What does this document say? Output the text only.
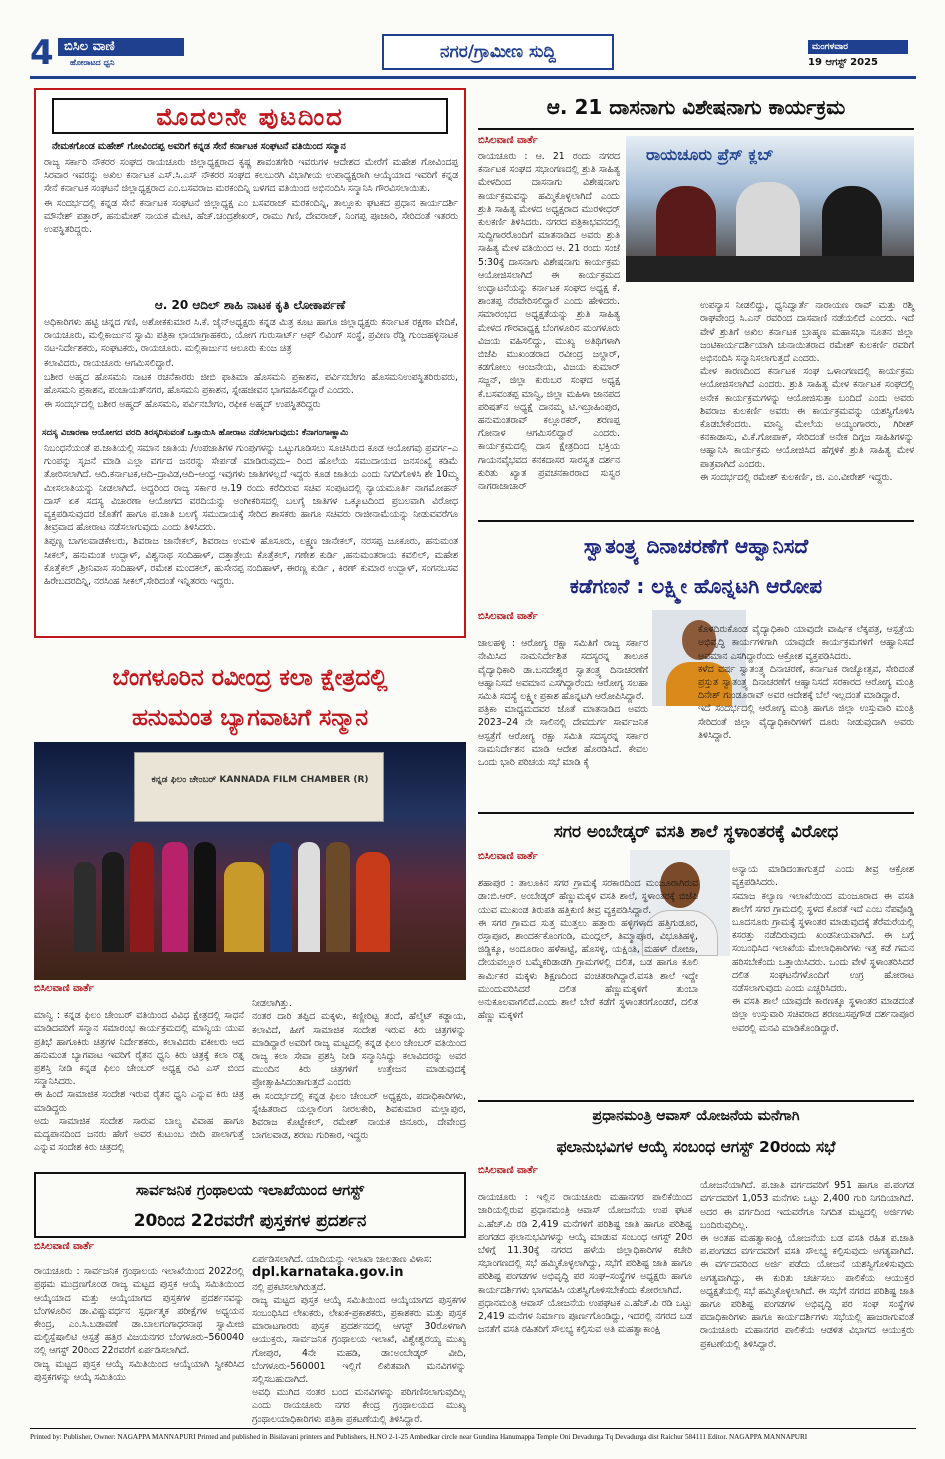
4 ಬಿಸಿಲ ವಾಣಿ
ಹೋರಾಟದ ಧ್ವನಿ
ನಗರ/ಗ್ರಾಮೀಣ ಸುದ್ದಿ	ಮಂಗಳವಾರ
19 ಆಗಸ್ಟ್ 2025
ಮೊದಲನೇ ಪುಟದಿಂದ
ನೇಮಕಗೊಂಡ ಮಹೇಶ್ ಗೋವಿಂದಪ್ಪ ಅವರಿಗೆ ಕನ್ನಡ ಸೇನೆ ಕರ್ನಾಟಕ ಸಂಘಟನೆ ವತಿಯಿಂದ ಸನ್ಮಾನ

ರಾಜ್ಯ ಸರ್ಕಾರಿ ನೌಕರರ ಸಂಘದ ರಾಯಚೂರು ಜಿಲ್ಲಾಧ್ಯಕ್ಷರಾದ ಕೃಷ್ಣ ಶಾವಂತಗೇರಿ ಇವರುಗಳ ಆದೇಶದ ಮೇರೆಗೆ ಮಹೇಶ ಗೋವಿಂದಪ್ಪ ಸಿರವಾರ ಇವರನ್ನು ಅಖಿಲ ಕರ್ನಾಟಕ ಎಸ್.ಸಿ.ಎಸ್ ನೌಕರರ ಸಂಘದ ಕಲಬುರಗಿ ವಿಭಾಗೀಯ ಉಪಾಧ್ಯಕ್ಷರಾಗಿ ಆಯ್ಕೆಯಾದ ಇವರಿಗೆ ಕನ್ನಡ ಸೇನೆ ಕರ್ನಾಟಕ ಸಂಘಟನೆ ಜಿಲ್ಲಾಧ್ಯಕ್ಷರಾದ ಎಂ.ಬಸವರಾಜ ಮರಕಂದಿನ್ನಿ ಬಳಗದ ವತಿಯಿಂದ ಅಭಿನಂದಿಸಿ ಸನ್ಮಾನಿಸಿ ಗೌರವಿಸಲಾಯಿತು.

ಈ ಸಂದರ್ಭದಲ್ಲಿ ಕನ್ನಡ ಸೇನೆ ಕರ್ನಾಟಕ ಸಂಘಟನೆ ಜಿಲ್ಲಾಧ್ಯಕ್ಷ ಎಂ ಬಸವರಾಜ್ ಮರಕಂದಿನ್ನಿ, ತಾಲ್ಲೂಕು ಘಟಕದ ಪ್ರಧಾನ ಕಾರ್ಯದರ್ಶಿ ಮೌನೇಶ್ ಪತ್ತಾರ್, ಹನುಮೇಶ್ ನಾಯಕ ಮೇಟಿ, ಹೆಚ್.ಚಂದ್ರಶೇಖರ್, ರಾಮು ಗಿಣಿ, ದೇವರಾಜ್, ನಿಂಗಪ್ಪ ಪೂಜಾರಿ, ಸೇರಿದಂತೆ ಇತರರು ಉಪಸ್ಥಿತರಿದ್ದರು.

ಆ. 20 ಆದಿಲ್ ಶಾಹಿ ನಾಟಕ ಕೃತಿ ಲೋಕಾರ್ಪಣೆ

ಅಧಿಕಾರಿಗಳು ಹಟ್ಟಿ ಚಿನ್ನದ ಗಣಿ, ಅಶೋಕಕುಮಾರ ಸಿ.ಕೆ. ಜೈನ್‌ಅಧ್ಯಕ್ಷರು ಕನ್ನಡ ಮಿತ್ರ ಕೂಟ ಹಾಗೂ ಜಿಲ್ಲಾಧ್ಯಕ್ಷರು ಕರ್ನಾಟಕ ರಕ್ಷಣಾ ವೇದಿಕೆ, ರಾಯಚೂರು, ಮಲ್ಲಿಕಾರ್ಜುನ ಸ್ವಾಮಿ ಪತ್ರಿಕಾ ಛಾಯಾಗ್ರಾಹಕರು, ಯೋಗ ಗುರುಸಾರ್ಟ್ ಆಫ್ ಲಿವಿಂಗ್ ಸಂಸ್ಥೆ, ಪ್ರವೀಣ ರೆಡ್ಡಿ ಗುಂಜಹಳ್ಳಿನಾಟಕ ನಟ-ನಿರ್ದೇಶಕರು, ಸಂಘಟಕರು, ರಾಯಚೂರು. ಮಲ್ಲಿಕಾರ್ಜುನ ಆಲೂರು ಕುಂಜ ಚಿತ್ರ

ಕಲಾವಿದರು, ರಾಯಚೂರು ಆಗಮಿಸಲಿದ್ದಾರೆ.

ಬಶೀರ ಅಹ್ಮದ ಹೊಸಮನಿ ನಾಟಕ ರಚನೆಕಾರರು ಜೀಬಿ ಫಾತಿಮಾ ಹೊಸಮನಿ ಪ್ರಕಾಶನ, ಪರ್ವಿನಬೇಗಂ ಹೊಸಮನಿಉಪಸ್ಥಿತರಿರುವರು, ಹೊಸಮನಿ ಪ್ರಕಾಶನ, ಪಂಚಾಯತ್‌ನಗರ, ಹೊಸಮನಿ ಪ್ರಕಾಶನ, ಸ್ನೇಹಜೀವನ ಭಾಗವಹಿಸಲಿದ್ದಾರೆ ಎಂದರು.

ಈ ಸಂದರ್ಭದಲ್ಲಿ ಬಶೀರ ಅಹ್ಮದ್ ಹೊಸಮನಿ, ಪರ್ವಿನಬೇಗಂ, ರಫೀಕ ಅಹ್ಮದ್ ಉಪಸ್ಥಿತರಿದ್ದರು

ಸದಸ್ಯ ವಿಚಾರಣಾ ಆಯೋಗದ ವರದಿ ತಿರಸ್ಕರಿಸುವಂತೆ ಒತ್ತಾಯಿಸಿ ಹೋರಾಟ ನಡೆಸಲಾಗುವುದು: ಕೆನಾಗಂಗಾಣ್ಣಾಮಿ

ನಿಬಂಧನೆಯಂತೆ ಪ.ಜಾತಿಯಲ್ಲಿ ಸಮಾನ ಜಾತಿಯ /ಉಪಜಾತಿಗಳ ಗುಂಪುಗಳನ್ನು ಒಟ್ಟುಗೂಡಿಸಲು ಸೂಚಿಸಿರುದ ಕೂಡ ಆಯೋಗವು ಪ್ರವರ್ಗ–ಎ ಗುಂಪನ್ನು ಸೃಜನೆ ಮಾಡಿ ಎಲ್ಲಾ ವರ್ಗದ ಜನರನ್ನು ಸೇರ್ಪಡೆ ಮಾಡಿರುವುದು– ರಿಂದ ಹೊಲೆಯ ಸಮುದಾಯದ ಜನಸಂಖ್ಯೆ ಕಡಿಮೆ ತೋರಿಸಲಾಗಿದೆ. ಆದಿ.ಕರ್ನಾಟಕ,ಆದಿ–ದ್ರಾವಿಡ,ಆದಿ–ಆಂಧ್ರ ಇವುಗಳು ಜಾತಿಗಳಲ್ಲದೆ ಇದ್ದರು ಕೂಡ ಜಾತಿಯ ಎಂದು ನಿಗದಿಗೊಳಿಸಿ ಶೇ 10ಮ್ಮ ಮೀಸಲಾತಿಯನ್ನು ನೀಡಲಾಗಿದೆ. ಅದ್ದರಿಂದ ರಾಜ್ಯ ಸರ್ಕಾರ ಆ.19 ರಂದು ಕರೆದಿರುವ ಸಚಿವ ಸಂಪುಟದಲ್ಲಿ ನ್ಯಾಯಮೂರ್ತಿ ನಾಗಮೋಹನ್ ದಾಸ್ ಏಕ ಸದಸ್ಯ ವಿಚಾರಣಾ ಆಯೋಗದ ವರದಿಯನ್ನು ಅಂಗೀಕರಿಸದಲ್ಲಿ ಬಲಗೈ ಜಾತಿಗಳ ಒಕ್ಕೂಟದಿಂದ ಪ್ರಬಲವಾಗಿ ವಿರೋಧ ವ್ಯಕ್ತಪಡಿಸುವುದರ ಜೊತೆಗೆ ಹಾಗೂ ಪ.ಜಾತಿ ಬಲಗೈ ಸಮುದಾಯಕ್ಕೆ ಸೇರಿದ ಶಾಸಕರು ಹಾಗೂ ಸಚಿವರು ರಾಜೀನಾಮೆಯನ್ನು ನೀಡುವವರೆಗೂ ತೀವ್ರವಾದ ಹೋರಾಟ ನಡೆಸಲಾಗುವುದು ಎಂದು ತಿಳಿಸಿದರು.

ತಿಪ್ಪಣ್ಣ ಬಾಗಲವಾಡಕೇಲರು, ಶಿವರಾಜ ಜಾನೇಕಲ್, ಶಿವರಾಜ ಉಮಳಿ ಹೊಸೂರು, ಲಕ್ಷ್ಮಣ ಜಾನೇಕಲ್, ನರಸಪ್ಪ ಜೂಕೂರು, ಹನುಮಂತ ಸೀಕಲ್, ಹನುಮಂತ ಉದ್ಬಾಳ್, ವಿಶ್ವನಾಥ ಸಂದಿಹಾಳ್, ದತ್ತಾತ್ರೇಯ ಕೊತ್ತೆಕಲ್, ಗಣೇಶ ಕುರ್ಡಿ ,ಹನುಮಂತರಾಯ ಕವಲಿಲ್, ಮಹೇಶ ಕೊತ್ತೆಕಲ್ ,ಶ್ರೀನಿವಾಸ ಸಂದಿಹಾಳ್, ರಮೇಶ ಮಂದಕಲ್, ಹುಸೇನಪ್ಪ ನಂದಿಹಾಳ್, ಈರಣ್ಣ ಕುರ್ಡಿ , ಕಿರಣ್ ಕುಮಾರ ಉದ್ಬಾಳ್, ಸಂಗನಬಸವ ಹಿರೇಬದರದಿನ್ನಿ, ನರಸಿಂಹ ಸೀಕಲ್,ಸೇರಿದಂತೆ ಇನ್ನಿತರರು ಇದ್ದರು.

ಬೆಂಗಳೂರಿನ ರವೀಂದ್ರ ಕಲಾ ಕ್ಷೇತ್ರದಲ್ಲಿ
ಹನುಮಂತ ಬ್ಯಾಗವಾಟಗೆ ಸನ್ಮಾನ
ಕನ್ನಡ ಫಿಲಂ ಚೇಂಬರ್ KANNADA FILM CHAMBER (R)
ಬಿಸಿಲವಾಣಿ ವಾರ್ತೆ

ಮಾನ್ವಿ : ಕನ್ನಡ ಫಿಲಂ ಚೇಂಬರ್ ವತಿಯಿಂದ ವಿವಿಧ ಕ್ಷೇತ್ರದಲ್ಲಿ ಸಾಧನೆ ಮಾಡಿದವರಿಗೆ ಸನ್ಮಾನ ಸಮಾರಂಭ ಕಾರ್ಯಕ್ರಮದಲ್ಲಿ ಮಾನ್ವಿಯ ಯುವ ಪ್ರತಿಭೆ ಹಾಗೂಕಿರು ಚಿತ್ರಗಳ ನಿರ್ದೇಶಕರು, ಕಲಾವಿದರು ವಕೀಲರು ಆದ ಹನುಮಂತ ಬ್ಯಾಗವಾಟ ಇವರಿಗೆ ರೈತನ ಧ್ವನಿ ಕಿರು ಚಿತ್ರಕ್ಕೆ ಕಲಾ ರತ್ನ ಪ್ರಶಸ್ತಿ ನೀಡಿ ಕನ್ನಡ ಫಿಲಂ ಚೇಂಬರ್ ಅಧ್ಯಕ್ಷ ರವಿ ಎಸ್ ಬಿಂದ ಸನ್ಮಾನಿಸಿದರು.
ಈ ಹಿಂದೆ ಸಾಮಾಜಿಕ ಸಂದೇಶ ಇರುವ ರೈತನ ಧ್ವನಿ ಎನ್ನುವ ಕಿರು ಚಿತ್ರ ಮಾಡಿದ್ದರು
ಅದು ಸಾಮಾಜಿಕ ಸಂದೇಶ ಸಾರುವ ಬಾಲ್ಯ ವಿವಾಹ ಹಾಗೂ ಮದ್ಯಪಾನದಿಂದ ಜನರು ಹೇಗೆ ಅವರ ಕುಟುಂಬ ಬೀದಿ ಪಾಲಾಗುತ್ತೆ ಎನ್ನುವ ಸಂದೇಶ ಕಿರು ಚಿತ್ರದಲ್ಲಿ

ನೀಡಲಾಗಿತ್ತು.
ನಂತರ ದಾರಿ ತಪ್ಪಿದ ಮಕ್ಕಳು, ಕಣ್ಣೀರಿಟ್ಟ ತಂದೆ, ಹೆಲ್ಮೆಟ್ ಕಡ್ಡಾಯ, ಕಲಾವಿದೆ, ಹೀಗೆ ಸಾಮಾಜಿಕ ಸಂದೇಶ ಇರುವ ಕಿರು ಚಿತ್ರಗಳನ್ನು ಮಾಡಿದ್ದಾರೆ ಅವರಿಗೆ ರಾಜ್ಯ ಮಟ್ಟದಲ್ಲಿ ಕನ್ನಡ ಫಿಲಂ ಚೇಂಬರ್ ವತಿಯಿಂದ ರಾಜ್ಯ ಕಲಾ ಸೇವಾ ಪ್ರಶಸ್ತಿ ನೀಡಿ ಸನ್ಮಾನಿಸಿದ್ದು ಕಲಾವಿದರನ್ನು ಅವರ ಮುಂದಿನ ಕಿರು ಚಿತ್ರಗಳಿಗೆ ಉತ್ತೇಜನ ಮಾಡುವುದಕ್ಕೆ ಪ್ರೋತ್ಸಾಹಿಸಿದಂತಾಗುತ್ತದೆ ಎಂದರು
ಈ ಸಂದರ್ಭದಲ್ಲಿ ಕನ್ನಡ ಫಿಲಂ ಚೇಂಬರ್ ಅಧ್ಯಕ್ಷರು, ಪದಾಧಿಕಾರಿಗಳು, ಸ್ನೇಹಿತರಾದ ಯಲ್ಲಾಲಿಂಗ ನೀರಲಕೇರಿ, ಶಿವಕುಮಾರ ಮಲ್ಲಾಪುರ, ಶಿವರಾಜ ಕೊಟ್ಟೇಕಲ್, ರಮೇಶ್ ನಾಯಕ ಜಿನೂರು, ದೇವೇಂದ್ರ ಬಾಗಲವಾಡ, ಶರಣು ಗುರಿಕಾರ, ಇದ್ದರು

ಸಾರ್ವಜನಿಕ ಗ್ರಂಥಾಲಯ ಇಲಾಖೆಯಿಂದ ಆಗಸ್ಟ್
20ರಿಂದ 22ರವರೆಗೆ ಪುಸ್ತಕಗಳ ಪ್ರದರ್ಶನ
ಬಿಸಿಲವಾಣಿ ವಾರ್ತೆ

ರಾಯಚೂರು : ಸಾರ್ವಜನಿಕ ಗ್ರಂಥಾಲಯ ಇಲಾಖೆಯಿಂದ 2022ರಲ್ಲಿ ಪ್ರಥಮ ಮುದ್ರಣಗೊಂಡ ರಾಜ್ಯ ಮಟ್ಟದ ಪುಸ್ತಕ ಆಯ್ಕೆ ಸಮಿತಿಯಿಂದ ಆಯ್ಕೆಯಾದ ಮತ್ತು ಆಯ್ಕೆಯಾಗದ ಪುಸ್ತಕಗಳ ಪ್ರದರ್ಶನವನ್ನು ಬೆಂಗಳೂರಿನ ಡಾ.ವಿಷ್ಣುವರ್ಧನ ಸ್ಪರ್ಧಾತ್ಮಕ ಪರೀಕ್ಷೆಗಳ ಅಧ್ಯಯನ ಕೇಂದ್ರ, ಎಂ.ಸಿ.ಬಡಾವಣೆ ಡಾ.ಬಾಲಗಂಗಾಧರನಾಥ ಸ್ವಾಮೀಜಿ ಮಲ್ಟಿಸ್ಪೆಷಾಲಿಟಿ ಆಸ್ಪತ್ರೆ ಹತ್ತಿರ ವಿಜಯನಗರ ಬೆಂಗಳೂರು–560040 ನಲ್ಲಿ ಆಗಸ್ಟ್ 20ರಿಂದ 22ರವರೆಗೆ ಏರ್ಪಡಿಸಲಾಗಿದೆ.
ರಾಜ್ಯ ಮಟ್ಟದ ಪುಸ್ತಕ ಆಯ್ಕೆ ಸಮಿತಿಯಿಂದ ಆಯ್ಕೆಯಾಗಿ ಸ್ವೀಕರಿಸಿದ ಪುಸ್ತಕಗಳನ್ನು ಆಯ್ಕೆ ಸಮಿತಿಯು

ಏರ್ಪಡಿಸಲಾಗಿದೆ. ಯಾದಿಯನ್ನು ಇಲಾಖಾ ಜಾಲತಾಣ ವಿಳಾಸ:
dpl.karnataka.gov.in
ನಲ್ಲಿ ಪ್ರಕಟಿಸಲಾಗಿರುತ್ತದೆ.
ರಾಜ್ಯ ಮಟ್ಟದ ಪುಸ್ತಕ ಆಯ್ಕೆ ಸಮಿತಿಯಿಂದ ಆಯ್ಕೆಯಾಗದ ಪುಸ್ತಕಗಳ ಸಂಬಂಧಿಸಿದ ಲೇಖಕರು, ಲೇಖಕ-ಪ್ರಕಾಶಕರು, ಪ್ರಕಾಶಕರು ಮತ್ತು ಪುಸ್ತಕ ಮಾರಾಟಗಾರರು ಪುಸ್ತಕ ಪ್ರದರ್ಶನದಲ್ಲಿ ಆಗಸ್ಟ್ 30ರೊಳಗಾಗಿ ಆಯುಕ್ತರು, ಸಾರ್ವಜನಿಕ ಗ್ರಂಥಾಲಯ ಇಲಾಖೆ, ವಿಶ್ವೇಶ್ವರಯ್ಯ ಮುಖ್ಯ ಗೋಪುರ, 4ನೇ ಮಹಡಿ, ಡಾ:ಅಂಬೇಡ್ಕರ್ ವೀದಿ, ಬೆಂಗಳೂರು-560001 ಇಲ್ಲಿಗೆ ಲಿಖಿತವಾಗಿ ಮನವಿಗಳನ್ನು ಸಲ್ಲಿಸಬಹುದಾಗಿದೆ.
ಅವಧಿ ಮುಗಿದ ನಂತರ ಬಂದ ಮನವಿಗಳನ್ನು ಪರಿಗಣಿಸಲಾಗುವುದಿಲ್ಲ ಎಂದು ರಾಯಚೂರು ನಗರ ಕೇಂದ್ರ ಗ್ರಂಥಾಲಯದ ಮುಖ್ಯ ಗ್ರಂಥಾಲಯಾಧಿಕಾರಿಗಳು ಪತ್ರಿಕಾ ಪ್ರಕಟಣೆಯಲ್ಲಿ ತಿಳಿಸಿದ್ದಾರೆ.

ಆ. 21 ದಾಸನಾಗು ವಿಶೇಷನಾಗು ಕಾರ್ಯಕ್ರಮ
ಬಿಸಿಲವಾಣಿ ವಾರ್ತೆ
ರಾಯಚೂರು ಪ್ರೆಸ್ ಕ್ಲಬ್
ರಾಯಚೂರು : ಆ. 21 ರಂದು ನಗರದ ಕರ್ನಾಟಕ ಸಂಘದ ಸಭಾಂಗಣದಲ್ಲಿ ಶ್ರುತಿ ಸಾಹಿತ್ಯ ಮೇಳದಿಂದ ದಾಸನಾಗು ವಿಶೇಷನಾಗು ಕಾರ್ಯಕ್ರಮವನ್ನು ಹಮ್ಮಿಕೊಳ್ಳಲಾಗಿದೆ ಎಂದು ಶ್ರುತಿ ಸಾಹಿತ್ಯ ಮೇಳದ ಅಧ್ಯಕ್ಷರಾದ ಮುರಳೀಧರ್ ಕುಲಕರ್ಣಿ ತಿಳಿಸಿದರು. ನಗರದ ಪತ್ರಿಕಾಭವನದಲ್ಲಿ ಸುದ್ದಿಗಾರರೊಂದಿಗೆ ಮಾತನಾಡಿದ ಅವರು ಶ್ರುತಿ ಸಾಹಿತ್ಯ ಮೇಳ ವತಿಯಿಂದ ಆ. 21 ರಂದು ಸಂಜೆ 5:30ಕ್ಕೆ ದಾಸನಾಗು ವಿಶೇಷನಾಗು ಕಾರ್ಯಕ್ರಮ ಆಯೋಜಿಸಲಾಗಿದೆ ಈ ಕಾರ್ಯಕ್ರಮದ ಉದ್ಘಾಟನೆಯನ್ನು ಕರ್ನಾಟಕ ಸಂಘದ ಅಧ್ಯಕ್ಷ ಕೆ. ಶಾಂತಪ್ಪ ನೆರವೇರಿಸಲಿದ್ದಾರೆ ಎಂದು ಹೇಳಿದರು. ಸಮಾರಂಭದ ಅಧ್ಯಕ್ಷತೆಯನ್ನು ಶ್ರುತಿ ಸಾಹಿತ್ಯ ಮೇಳದ ಗೌರವಾಧ್ಯಕ್ಷ ಬೆಂಗಳೂರಿನ ಮಂಗಳೂರು ವಿಜಯ ವಹಿಸಲಿದ್ದು, ಮುಖ್ಯ ಅತಿಥಿಗಳಾಗಿ ಬಿಜೆಪಿ ಮುಖಂಡರಾದ ರವೀಂದ್ರ ಜಲ್ದಾರ್, ಕಡಗೋಲು ಆಂಜನೇಯ, ವಿಜಯ ಕುಮಾರ್ ಸಜ್ಜನ್, ಜಿಲ್ಲಾ ಕುರುಬರ ಸಂಘದ ಅಧ್ಯಕ್ಷ ಕೆ.ಬಸವಂತಪ್ಪ ಮಾನ್ವಿ, ಜಿಲ್ಲಾ ಮಹಿಳಾ ಜಾನಪದ ಪರಿಷತ್‌ನ ಅಧ್ಯಕ್ಷೆ ದಾನಮ್ಮ ಟಿ.ಇಬ್ರಾಹಿಂಪುರ, ಹನುಮಂತರಾವ್ ಕಲ್ಲೂರಕರ್, ಶರಣಪ್ಪ ಗೋನಾಳ ಆಗಮಿಸಲಿದ್ದಾರೆ ಎಂದರು. ಕಾರ್ಯಕ್ರಮದಲ್ಲಿ ದಾಸ ಕ್ಷೇತ್ರದಿಂದ ಭಕ್ತಿಯ ಗಾಯನವೈಭವದ ಕನಕದಾಸರ ಸಾರಸ್ವತ ದರ್ಶನ ಕುರಿತು ಖ್ಯಾತ ಪ್ರವಚನಕಾರರಾದ ಸುಸ್ವರ ನಾಗರಾಜಾಚಾರ್

ಉಪನ್ಯಾಸ ನೀಡಲಿದ್ದು, ಧ್ವನಿದ್ವಾರ್ತೆ ನಾರಾಯಣ ರಾವ್ ಮತ್ತು ರಶ್ಮಿ ರಾಘವೇಂದ್ರ ಸಿ.ಎನ್ ರವರಿಂದ ದಾಸವಾಣಿ ನಡೆಯಲಿದೆ ಎಂದರು. ಇದೆ ವೇಳೆ ಶ್ರುತಿಗೆ ಅಖಿಲ ಕರ್ನಾಟಕ ಬ್ರಾಹ್ಮಣ ಮಹಾಸಭಾ ನೂತನ ಜಿಲ್ಲಾ ಜಂಟಿಕಾರ್ಯದರ್ಶಿಯಾಗಿ ಚುನಾಯಿತರಾದ ರಮೇಶ್ ಕುಲಕರ್ಣಿ ರವರಿಗೆ ಅಭಿನಂದಿಸಿ ಸನ್ಮಾನಿಸಲಾಗುತ್ತದೆ ಎಂದರು.
ಮೇಳ ಕಾರಣದಿಂದ ಕರ್ನಾಟಕ ಸಂಘ ಒಳಾಂಗಣದಲ್ಲಿ ಕಾರ್ಯಕ್ರಮ ಆಯೋಜಿಸಲಾಗಿದೆ ಎಂದರು. ಶ್ರುತಿ ಸಾಹಿತ್ಯ ಮೇಳ ಕರ್ನಾಟಕ ಸಂಘದಲ್ಲಿ ಅನೇಕ ಕಾರ್ಯಕ್ರಮಗಳನ್ನು ಆಯೋಜಿಸುತ್ತಾ ಬಂದಿದೆ ಎಂದು ಅವರು ಶಿವರಾಜ ಕುಲಕರ್ಣಿ ಅವರು ಈ ಕಾರ್ಯಕ್ರಮವನ್ನು ಯಶಸ್ವಿಗೊಳಿಸಿ ಕೊಡಬೇಕೆಂದರು. ಮಾನ್ವಿ ಮೇಲೆಯ ಅಯ್ಯಂಗಾರರು, ಗಿರೀಶ್ ಕನಕಾಡಾಸು, ವಿ.ಕೆ.ಗೋಪಾಕ್, ಸೇರಿದಂತೆ ಅನೇಕ ದಿಗ್ಗಜ ಸಾಹಿತಿಗಳನ್ನು ಆಹ್ವಾನಿಸಿ ಕಾರ್ಯಕ್ರಮ ಆಯೋಜಿಸಿದ ಹೆಗ್ಗಳಿಕೆ ಶ್ರುತಿ ಸಾಹಿತ್ಯ ಮೇಳ ಪಾತ್ರವಾಗಿದೆ ಎಂದರು.
ಈ ಸಂದರ್ಭದಲ್ಲಿ ರಮೇಶ್ ಕುಲಕರ್ಣಿ, ಜಿ. ಎಂ.ವೀರೇಶ್ ಇದ್ದರು.

ಸ್ವಾತಂತ್ರ್ಯ ದಿನಾಚರಣೆಗೆ ಆಹ್ವಾನಿಸದೆ
ಕಡೆಗಣನೆ : ಲಕ್ಷ್ಮೀ ಹೊನ್ನಟಗಿ ಆರೋಪ
ಬಿಸಿಲವಾಣಿ ವಾರ್ತೆ

ಜಾಲಹಳ್ಳಿ : ಆರೋಗ್ಯ ರಕ್ಷಾ ಸಮಿತಿಗೆ ರಾಜ್ಯ ಸರ್ಕಾರ ನೇಮಿಸಿದ ನಾಮನಿರ್ದೇಶಿತ ಸದಸ್ಯರನ್ನ ತಾಲೂಕ ವೈದ್ಯಾಧಿಕಾರಿ ಡಾ.ಬನದೇಶ್ವರ ಸ್ವಾತಂತ್ರ್ಯ ದಿನಾಚರಣೆಗೆ ಆಹ್ವಾನಿಸದೆ ಅವಮಾನ ಎಸಗಿದ್ದಾರೆಂದು ಆರೋಗ್ಯ ಸಲಹಾ ಸಮಿತಿ ಸದಸ್ಯೆ ಲಕ್ಷ್ಮೀ ಪ್ರಕಾಶ ಹೊನ್ನಟಗಿ ಆರೋಪಿಸಿದ್ದಾರೆ.
ಪತ್ರಿಕಾ ಮಾಧ್ಯಮದವರ ಜೊತೆ ಮಾತನಾಡಿದ ಅವರು 2023–24 ನೇ ಸಾಲಿನಲ್ಲಿ ದೇವದುರ್ಗ ಸಾರ್ವಜನಿಕ ಆಸ್ಪತ್ರೆಗೆ ಆರೋಗ್ಯ ರಕ್ಷಾ ಸಮಿತಿ ಸದಸ್ಯರನ್ನ ಸರ್ಕಾರ ನಾಮನಿರ್ದೇಶನ ಮಾಡಿ ಆದೇಶ ಹೊರಡಿಸಿದೆ. ಕೇವಲ ಒಂದು ಭಾರಿ ಪರಿಚಯ ಸಭೆ ಮಾಡಿ ಕೈ

ಕೊಳದಿರುಕೊಂಡ ವೈದ್ಯಾಧಿಕಾರಿ ಯಾವುದೇ ವಾರ್ಷಿಕ ಲೆಕ್ಕಪತ್ರ, ಆಸ್ಪತ್ರೆಯ ಅಭಿವೃದ್ಧಿ ಕಾರ್ಯಗಳಿಗಾಗಿ ಯಾವುದೇ ಕಾರ್ಯಕ್ರಮಗಳಿಗೆ ಆಹ್ವಾನಿಸದೆ ಅವಮಾನ ಎಸಗಿದ್ದಾರೆಂದು ಆಕ್ರೋಶ ವ್ಯಕ್ತಪಡಿಸಿದರು.
ಕಳೆದ ವರ್ಷ ಸ್ವಾತಂತ್ರ್ಯ ದಿನಾಚರಣೆ, ಕರ್ನಾಟಕ ರಾಜ್ಯೋತ್ಸವ, ಸೇರಿದಂತೆ ಪ್ರಸ್ತುತ ಸ್ವಾತಂತ್ರ್ಯ ದಿನಾಚರಣೆಗೆ ಆಹ್ವಾನಿಸದೆ ಸರಕಾರದ ಆರೋಗ್ಯ ಮಂತ್ರಿ ದಿನೇಶ್ ಗುಂಡೂರಾವ್ ಅವರ ಆದೇಶಕ್ಕೆ ಬೆಲೆ ಇಲ್ಲದಂತೆ ಮಾಡಿದ್ದಾರೆ.
ಇದೆ ಸಂದರ್ಭದಲ್ಲಿ ಆರೋಗ್ಯ ಮಂತ್ರಿ ಹಾಗೂ ಜಿಲ್ಲಾ ಉಸ್ತುವಾರಿ ಮಂತ್ರಿ ಸೇರಿದಂತೆ ಜಿಲ್ಲಾ ವೈದ್ಯಾಧಿಕಾರಿಗಳಿಗೆ ದೂರು ನೀಡುವುದಾಗಿ ಅವರು ತಿಳಿಸಿದ್ದಾರೆ.

ಸಗರ ಅಂಬೇಡ್ಕರ್ ವಸತಿ ಶಾಲೆ ಸ್ಥಳಾಂತರಕ್ಕೆ ವಿರೋಧ
ಬಿಸಿಲವಾಣಿ ವಾರ್ತೆ

ಶಹಾಪುರ : ತಾಲೂಕಿನ ಸಗರ ಗ್ರಾಮಕ್ಕೆ ಸರಕಾರದಿಂದ ಮಂಜೂರಾಗಿರುವ ಡಾ:ಬಿ.ಆರ್. ಅಂಬೇಡ್ಕರ್ ಹೆಣ್ಣುಮಕ್ಕಳ ವಸತಿ ಶಾಲೆ, ಸ್ಥಳಾಂತರಕ್ಕೆ ಬಿಜೆಪಿ ಯುವ ಮುಖಂಡ ತಿರುಪತಿ ಹತ್ತಿಕುಣಿ ತೀವ್ರ ವ್ಯಕ್ತಪಡಿಸಿದ್ದಾರೆ.
ಈ ಸಗರ ಗ್ರಾಮದ ಸುತ್ತ ಮುತ್ತಲು ಹತ್ತಾರು ಹಳ್ಳಿಗಳಾದ ಹತ್ತಿಗುಡೂರ, ರಸ್ತಾಪೂರ, ಶಾಂದರ್ಕಕೊಂಗಂಡಿ, ಮಂದ್ಗಲ್, ತಿಮ್ಮಾಪೂರ, ವಿಭೂತಿಹಳ್ಳಿ, ಜಿಡ್ಡಿಕ್ಕೂ, ಅಂದೂರಾಂ ಹಳೆಕಾಟ್ಟೆ, ಹೊಸಳ್ಳಿ, ಯಕ್ಷಿಂತಿ, ಮಹಳ್ ರೋಜಾ, ದೇಯವಲ್ಲೂರ ಬಮ್ಮೆಕರಿಡಾಡಗಿ ಗ್ರಾಮಗಳಲ್ಲಿ ದಲಿತ, ಬಡ ಹಾಗೂ ಕೂಲಿ ಕಾರ್ಮಿಕರ ಮಕ್ಕಳು ಶಿಕ್ಷಣದಿಂದ ವಂಚಿತರಾಗಿದ್ದಾರೆ.ವಸತಿ ಶಾಲೆ ಇದ್ದೇ ಮುಂದುವರಿಸಿದರೆ ದಲಿತ ಹೆಣ್ಣುಮಕ್ಕಳಿಗೆ ತುಂಬಾ ಅನುಕೂಲವಾಗಲಿದೆ.ಎಂದು ಶಾಲೆ ಬೇರೆ ಕಡೆಗೆ ಸ್ಥಳಾಂತರಗೊಂಡರೆ, ದಲಿತ ಹೆಣ್ಣು ಮಕ್ಕಳಿಗೆ

ಅನ್ಯಾಯ ಮಾಡಿದಂತಾಗುತ್ತದೆ ಎಂದು ತೀವ್ರ ಆಕ್ರೋಶ ವ್ಯಕ್ತಪಡಿಸಿದರು.
ಸಮಾಜ ಕಲ್ಯಾಣ ಇಲಾಖೆಯಿಂದ ಮಂಜೂರಾದ ಈ ವಸತಿ ಶಾಲೆಗೆ ಸಗರ ಗ್ರಾಮದಲ್ಲಿ ಸ್ಥಳದ ಕೊರತೆ ಇದೆ ಎಂಬ ನೆಪವೊಡ್ಡಿ ಬೂದನೂರು ಗ್ರಾಮಕ್ಕೆ ಸ್ಥಳಾಂತರ ಮಾಡುವುದಕ್ಕೆ ತೆರೆಮರೆಯಲ್ಲಿ ಕಸರತ್ತು ನಡೆದಿರುವುದು ಖಂಡನೀಯವಾಗಿದೆ. ಈ ಬಗ್ಗೆ ಸಂಬಂಧಿಸಿದ ಇಲಾಖೆಯ ಮೇಲಾಧಿಕಾರಿಗಳು ಇತ್ತ ಕಡೆ ಗಮನ ಹರಿಸಬೇಕೆಂದು ಒತ್ತಾಯಿಸಿದರು. ಒಂದು ವೇಳೆ ಸ್ಥಳಾಂತರಿಸಿದರೆ ದಲಿತ ಸಂಘಟನೆಗಳೊಂದಿಗೆ ಉಗ್ರ ಹೋರಾಟ ನಡೆಸಲಾಗುವುದು ಎಂದು ಎಚ್ಚರಿಸಿದರು.
ಈ ವಸತಿ ಶಾಲೆ ಯಾವುದೇ ಕಾರಣಕ್ಕೂ ಸ್ಥಳಾಂತರ ಮಾಡದಂತೆ ಜಿಲ್ಲಾ ಉಸ್ತುವಾರಿ ಸಚಿವರಾದ ಶರಣಬಸಪ್ಪಗೌಡ ದರ್ಶನಾಪೂರ ಅವರಲ್ಲಿ ಮನವಿ ಮಾಡಿಕೊಂಡಿದ್ದಾರೆ.

ಪ್ರಧಾನಮಂತ್ರಿ ಆವಾಸ್ ಯೋಜನೆಯ ಮನೆಗಾಗಿ
ಫಲಾನುಭವಿಗಳ ಆಯ್ಕೆ ಸಂಬಂಧ ಆಗಸ್ಟ್ 20ರಂದು ಸಭೆ
ಬಿಸಿಲವಾಣಿ ವಾರ್ತೆ

ರಾಯಚೂರು : ಇಲ್ಲಿನ ರಾಯಚೂರು ಮಹಾನಗರ ಪಾಲಿಕೆಯಿಂದ ಜಾರಿಯಲ್ಲಿರುವ ಪ್ರಧಾನಮಂತ್ರಿ ಆವಾಸ್ ಯೋಜನೆಯ ಉಪ ಘಟಕ ಎ.ಹೆಚ್.ಪಿ ರಡಿ 2,419 ಮನೆಗಳಿಗೆ ಪರಿಶಿಷ್ಟ ಜಾತಿ ಹಾಗೂ ಪರಿಶಿಷ್ಟ ಪಂಗಡದ ಫಲಾನುಭವಿಗಳನ್ನು ಆಯ್ಕೆ ಮಾಡುವ ಸಂಬಂಧ ಆಗಸ್ಟ್ 20ರ ಬೆಳಿಗ್ಗೆ 11.30ಕ್ಕೆ ನಗರದ ಹಳೆಯ ಜಿಲ್ಲಾಧಿಕಾರಿಗಳ ಕಚೇರಿ ಸಭಾಂಗಣದಲ್ಲಿ ಸಭೆ ಹಮ್ಮಿಕೊಳ್ಳಲಾಗಿದ್ದು, ಸಭೆಗೆ ಪರಿಶಿಷ್ಟ ಜಾತಿ ಹಾಗೂ ಪರಿಶಿಷ್ಟ ಪಂಗಡಗಳ ಅಭಿವೃದ್ಧಿ ಪರ ಸಂಘ–ಸಂಸ್ಥೆಗಳ ಅಧ್ಯಕ್ಷರು ಹಾಗೂ ಕಾರ್ಯದರ್ಶಿಗಳು ಭಾಗವಹಿಸಿ ಯಶಸ್ವಿಗೊಳಿಸಬೇಕೆಂದು ಕೋರಲಾಗಿದೆ.
ಪ್ರಧಾನಮಂತ್ರಿ ಆವಾಸ್ ಯೋಜನೆಯ ಉಪಘಟಕ ಎ.ಹೆಚ್.ಪಿ ರಡಿ ಒಟ್ಟು 2,419 ಮನೆಗಳ ನಿರ್ಮಾಣ ಪೂರ್ಣಗೊಂಡಿದ್ದು, ಇದರಲ್ಲಿ ನಗರದ ಬಡ ಜನತೆಗೆ ವಸತಿ ರಹಿತರಿಗೆ ಸೌಲಭ್ಯ ಕಲ್ಪಿಸುವ ಅತಿ ಮಹತ್ವಾಕಾಂಕ್ಷಿ

ಯೋಜನೆಯಾಗಿದೆ. ಪ.ಜಾತಿ ವರ್ಗದವರಿಗೆ 951 ಹಾಗೂ ಪ.ಪಂಗಡ ವರ್ಗದವರಿಗೆ 1,053 ಮನೆಗಳು ಒಟ್ಟು 2,400 ಗುರಿ ನಿಗದಿಯಾಗಿದೆ. ಅದರ ಈ ವರ್ಗದಿಂದ ಇದುವರೆಗೂ ನಿಗದಿತ ಮಟ್ಟದಲ್ಲಿ ಅರ್ಜಿಗಳು ಬಂದಿರುವುದಿಲ್ಲ.
ಈ ಅಂತಹ ಮಹತ್ವಾಕಾಂಕ್ಷಿ ಯೋಜನೆಯ ಬಡ ವಸತಿ ರಹಿತ ಪ.ಜಾತಿ ಪ.ಪಂಗಡದ ವರ್ಗದವರಿಗೆ ವಸತಿ ಸೌಲಭ್ಯ ಕಲ್ಪಿಸುವುದು ಅಗತ್ಯವಾಗಿದೆ. ಈ ವರ್ಗದವರಿಂದ ಅರ್ಜಿ ಪಡೆದು ಯೋಜನೆ ಯಶಸ್ವಿಗೊಳಿಸುವುದು ಅಗತ್ಯವಾಗಿದ್ದು, ಈ ಕುರಿತು ಚರ್ಚಿಸಲು ಪಾಲಿಕೆಯ ಆಯುಕ್ತರ ಅಧ್ಯಕ್ಷತೆಯಲ್ಲಿ ಸಭೆ ಹಮ್ಮಿಕೊಳ್ಳಲಾಗಿದೆ. ಈ ಸಭೆಗೆ ನಗರದ ಪರಿಶಿಷ್ಟ ಜಾತಿ ಹಾಗೂ ಪರಿಶಿಷ್ಟ ಪಂಗಡಗಳ ಅಭಿವೃದ್ಧಿ ಪರ ಸಂಘ ಸಂಸ್ಥೆಗಳ ಪದಾಧಿಕಾರಿಗಳು ಹಾಗೂ ಕಾರ್ಯದರ್ಶಿಗಳು ಸಭೆಯಲ್ಲಿ ಹಾಜರಾಗುವಂತೆ ರಾಯಚೂರು ಮಹಾನಗರ ಪಾಲಿಕೆಯ ಆಡಳಿತ ವಿಭಾಗದ ಆಯುಕ್ತರು ಪ್ರಕಟಣೆಯಲ್ಲಿ ತಿಳಿಸಿದ್ದಾರೆ.

Printed by: Publisher, Owner: NAGAPPA MANNAPURI Printed and published in Bisilavani printers and Publishers, H.NO 2-1-25 Ambedkar circle near Gundina Hanumappa Temple Oni Devadurga Tq Devadurga dist Raichur 584111 Editor. NAGAPPA MANNAPURI
